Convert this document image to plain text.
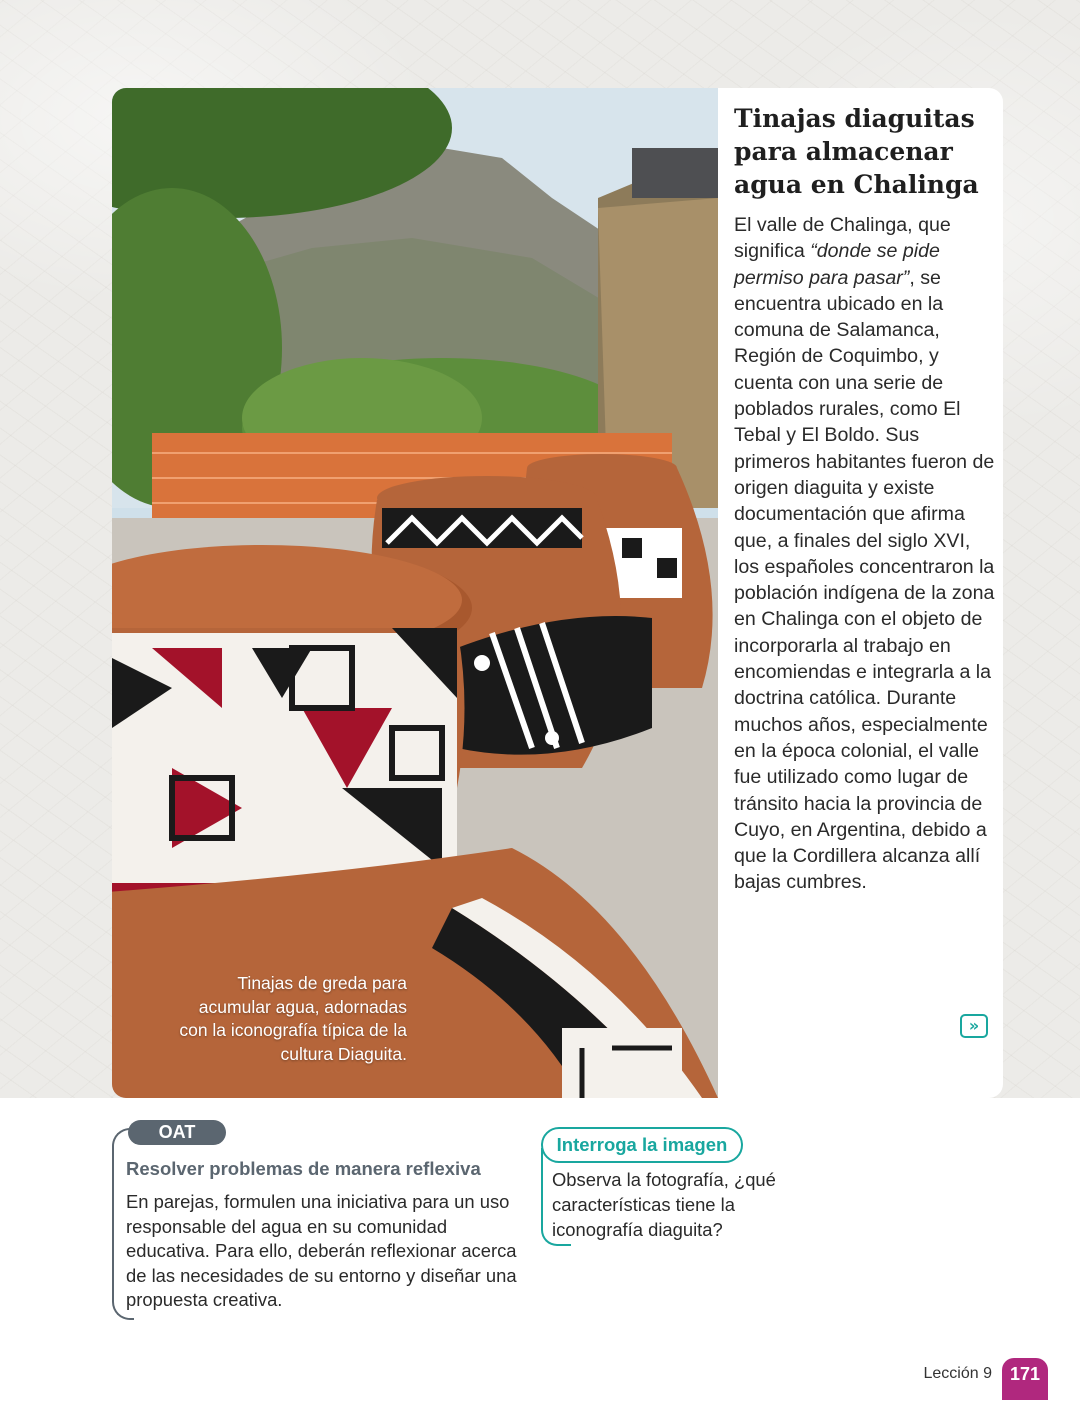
Tinajas de greda para acumular agua, adornadas con la iconografía típica de la cultura Diaguita.
Tinajas diaguitas para almacenar agua en Chalinga

El valle de Chalinga, que significa “donde se pide permiso para pasar”, se encuentra ubicado en la comuna de Salamanca, Región de Coquimbo, y cuenta con una serie de poblados rurales, como El Tebal y El Boldo. Sus primeros habitantes fueron de origen diaguita y existe documentación que afirma que, a finales del siglo XVI, los españoles concentraron la población indígena de la zona en Chalinga con el objeto de incorporarla al trabajo en encomiendas e integrarla a la doctrina católica. Durante muchos años, especialmente en la época colonial, el valle fue utilizado como lugar de tránsito hacia la provincia de Cuyo, en Argentina, debido a que la Cordillera alcanza allí bajas cumbres.

»
OAT
Resolver problemas de manera reflexiva

En parejas, formulen una iniciativa para un uso responsable del agua en su comunidad educativa. Para ello, deberán reflexionar acerca de las necesidades de su entorno y diseñar una propuesta creativa.

Interroga la imagen

Observa la fotografía, ¿qué características tiene la iconografía diaguita?

Lección 9 171
